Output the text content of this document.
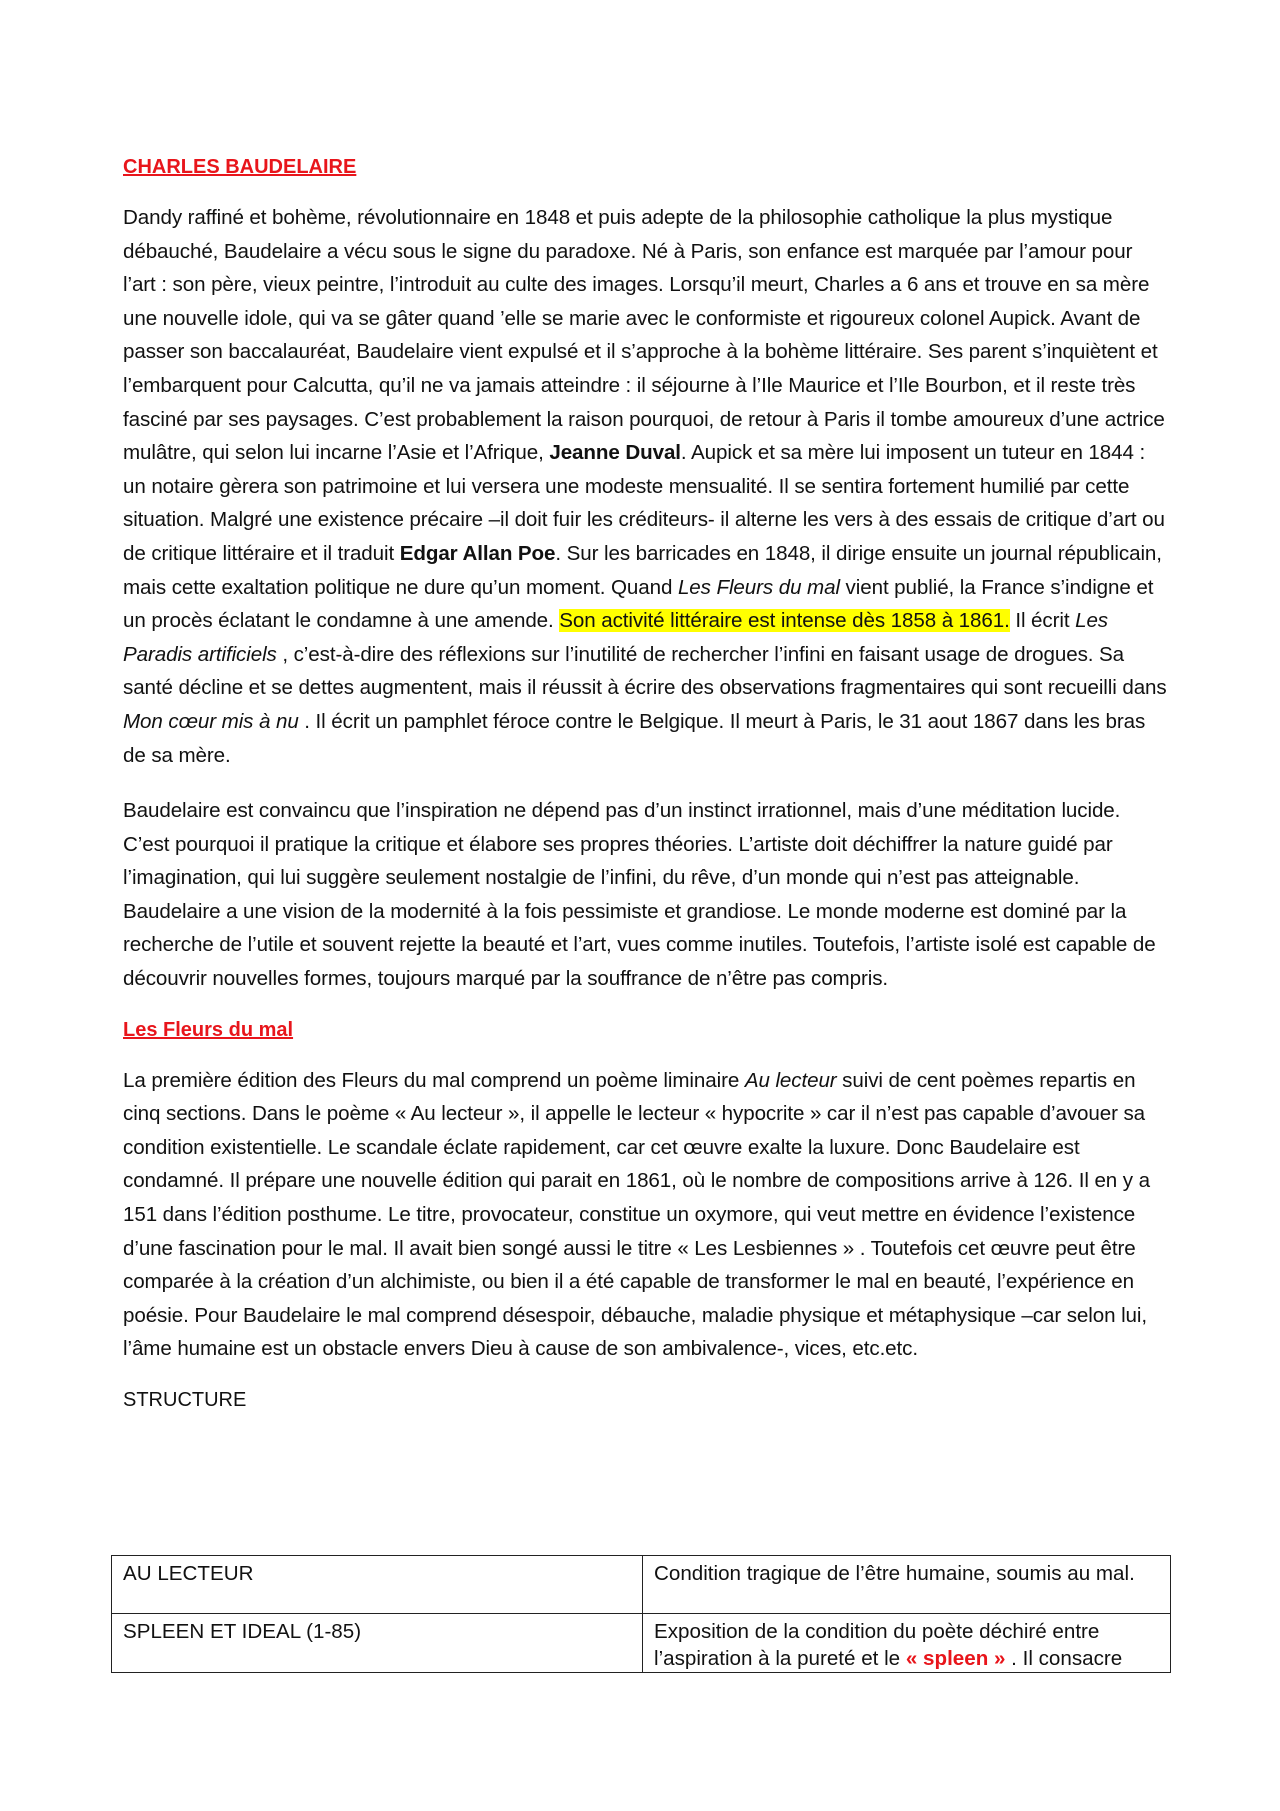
CHARLES BAUDELAIRE

Dandy raffiné et bohème, révolutionnaire en 1848 et puis adepte de la philosophie catholique la plus mystique débauché, Baudelaire a vécu sous le signe du paradoxe. Né à Paris, son enfance est marquée par l’amour pour l’art : son père, vieux peintre, l’introduit au culte des images. Lorsqu’il meurt, Charles a 6 ans et trouve en sa mère une nouvelle idole, qui va se gâter quand ’elle se marie avec le conformiste et rigoureux colonel Aupick. Avant de passer son baccalauréat, Baudelaire vient expulsé et il s’approche à la bohème littéraire. Ses parent s’inquiètent et l’embarquent pour Calcutta, qu’il ne va jamais atteindre : il séjourne à l’Ile Maurice et l’Ile Bourbon, et il reste très fasciné par ses paysages. C’est probablement la raison pourquoi, de retour à Paris il tombe amoureux d’une actrice mulâtre, qui selon lui incarne l’Asie et l’Afrique, Jeanne Duval. Aupick et sa mère lui imposent un tuteur en 1844 : un notaire gèrera son patrimoine et lui versera une modeste mensualité. Il se sentira fortement humilié par cette situation. Malgré une existence précaire –il doit fuir les créditeurs- il alterne les vers à des essais de critique d’art ou de critique littéraire et il traduit Edgar Allan Poe. Sur les barricades en 1848, il dirige ensuite un journal républicain, mais cette exaltation politique ne dure qu’un moment. Quand Les Fleurs du mal vient publié, la France s’indigne et un procès éclatant le condamne à une amende. Son activité littéraire est intense dès 1858 à 1861. Il écrit Les Paradis artificiels , c’est-à-dire des réflexions sur l’inutilité de rechercher l’infini en faisant usage de drogues. Sa santé décline et se dettes augmentent, mais il réussit à écrire des observations fragmentaires qui sont recueilli dans Mon cœur mis à nu . Il écrit un pamphlet féroce contre le Belgique. Il meurt à Paris, le 31 aout 1867 dans les bras de sa mère.

Baudelaire est convaincu que l’inspiration ne dépend pas d’un instinct irrationnel, mais d’une méditation lucide. C’est pourquoi il pratique la critique et élabore ses propres théories. L’artiste doit déchiffrer la nature guidé par l’imagination, qui lui suggère seulement nostalgie de l’infini, du rêve, d’un monde qui n’est pas atteignable. Baudelaire a une vision de la modernité à la fois pessimiste et grandiose. Le monde moderne est dominé par la recherche de l’utile et souvent rejette la beauté et l’art, vues comme inutiles. Toutefois, l’artiste isolé est capable de découvrir nouvelles formes, toujours marqué par la souffrance de n’être pas compris.

Les Fleurs du mal

La première édition des Fleurs du mal comprend un poème liminaire Au lecteur suivi de cent poèmes repartis en cinq sections. Dans le poème « Au lecteur », il appelle le lecteur « hypocrite » car il n’est pas capable d’avouer sa condition existentielle. Le scandale éclate rapidement, car cet œuvre exalte la luxure. Donc Baudelaire est condamné. Il prépare une nouvelle édition qui parait en 1861, où le nombre de compositions arrive à 126. Il en y a 151 dans l’édition posthume. Le titre, provocateur, constitue un oxymore, qui veut mettre en évidence l’existence d’une fascination pour le mal. Il avait bien songé aussi le titre « Les Lesbiennes » . Toutefois cet œuvre peut être comparée à la création d’un alchimiste, ou bien il a été capable de transformer le mal en beauté, l’expérience en poésie. Pour Baudelaire le mal comprend désespoir, débauche, maladie physique et métaphysique –car selon lui, l’âme humaine est un obstacle envers Dieu à cause de son ambivalence-, vices, etc.etc.

STRUCTURE
AU LECTEUR	Condition tragique de l’être humaine, soumis au mal.
SPLEEN ET IDEAL (1-85)	Exposition de la condition du poète déchiré entre l’aspiration à la pureté et le « spleen » . Il consacre
